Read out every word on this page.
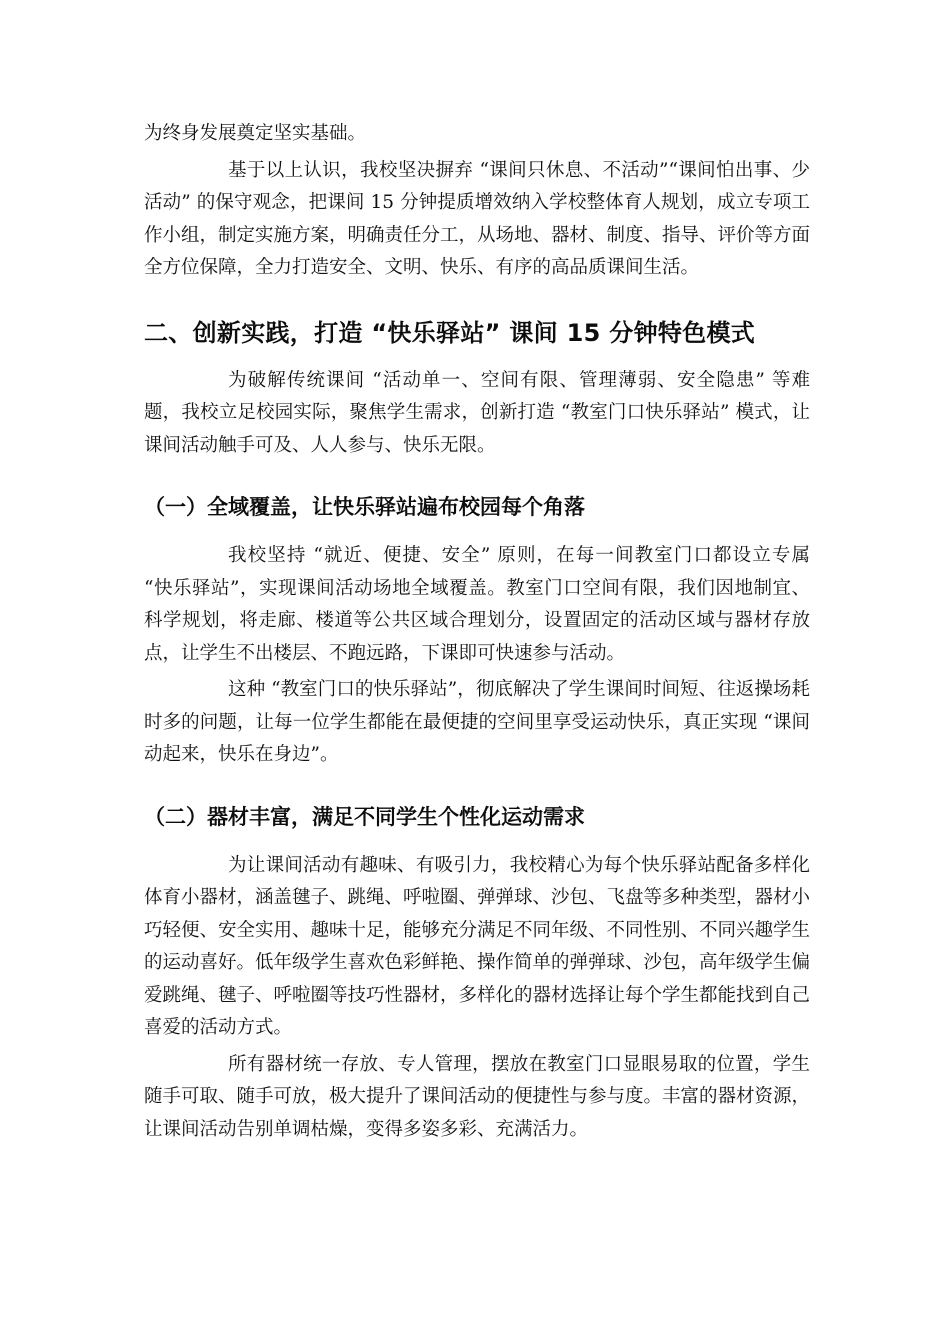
为终身发展奠定坚实基础。

基于以上认识，我校坚决摒弃 “课间只休息、不活动”“课间怕出事、少活动” 的保守观念，把课间 15 分钟提质增效纳入学校整体育人规划，成立专项工作小组，制定实施方案，明确责任分工，从场地、器材、制度、指导、评价等方面全方位保障，全力打造安全、文明、快乐、有序的高品质课间生活。

二、创新实践，打造 “快乐驿站” 课间 15 分钟特色模式

为破解传统课间 “活动单一、空间有限、管理薄弱、安全隐患” 等难题，我校立足校园实际，聚焦学生需求，创新打造 “教室门口快乐驿站” 模式，让课间活动触手可及、人人参与、快乐无限。

（一）全域覆盖，让快乐驿站遍布校园每个角落

我校坚持 “就近、便捷、安全” 原则，在每一间教室门口都设立专属 “快乐驿站”，实现课间活动场地全域覆盖。教室门口空间有限，我们因地制宜、科学规划，将走廊、楼道等公共区域合理划分，设置固定的活动区域与器材存放点，让学生不出楼层、不跑远路，下课即可快速参与活动。

这种 “教室门口的快乐驿站”，彻底解决了学生课间时间短、往返操场耗时多的问题，让每一位学生都能在最便捷的空间里享受运动快乐，真正实现 “课间动起来，快乐在身边”。

（二）器材丰富，满足不同学生个性化运动需求

为让课间活动有趣味、有吸引力，我校精心为每个快乐驿站配备多样化体育小器材，涵盖毽子、跳绳、呼啦圈、弹弹球、沙包、飞盘等多种类型，器材小巧轻便、安全实用、趣味十足，能够充分满足不同年级、不同性别、不同兴趣学生的运动喜好。低年级学生喜欢色彩鲜艳、操作简单的弹弹球、沙包，高年级学生偏爱跳绳、毽子、呼啦圈等技巧性器材，多样化的器材选择让每个学生都能找到自己喜爱的活动方式。

所有器材统一存放、专人管理，摆放在教室门口显眼易取的位置，学生随手可取、随手可放，极大提升了课间活动的便捷性与参与度。丰富的器材资源，让课间活动告别单调枯燥，变得多姿多彩、充满活力。
